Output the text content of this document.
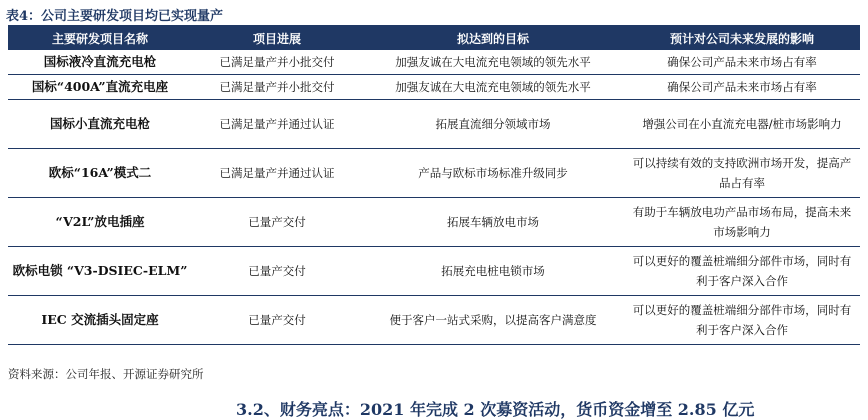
表4：公司主要研发项目均已实现量产
主要研发项目名称	项目进展	拟达到的目标	预计对公司未来发展的影响
国标液冷直流充电枪	已满足量产并小批交付	加强友诚在大电流充电领域的领先水平	确保公司产品未来市场占有率
国标“400A”直流充电座	已满足量产并小批交付	加强友诚在大电流充电领域的领先水平	确保公司产品未来市场占有率
国标小直流充电枪	已满足量产并通过认证	拓展直流细分领域市场	增强公司在小直流充电器/桩市场影响力
欧标“16A”模式二	已满足量产并通过认证	产品与欧标市场标准升级同步	可以持续有效的支持欧洲市场开发，提高产品占有率
“V2L”放电插座	已量产交付	拓展车辆放电市场	有助于车辆放电功产品市场布局，提高未来市场影响力
欧标电锁 “V3-DSIEC-ELM”	已量产交付	拓展充电桩电锁市场	可以更好的覆盖桩端细分部件市场，同时有利于客户深入合作
IEC 交流插头固定座	已量产交付	便于客户一站式采购，以提高客户满意度	可以更好的覆盖桩端细分部件市场，同时有利于客户深入合作
资料来源：公司年报、开源证券研究所
3.2、财务亮点：2021 年完成 2 次募资活动，货币资金增至 2.85 亿元
